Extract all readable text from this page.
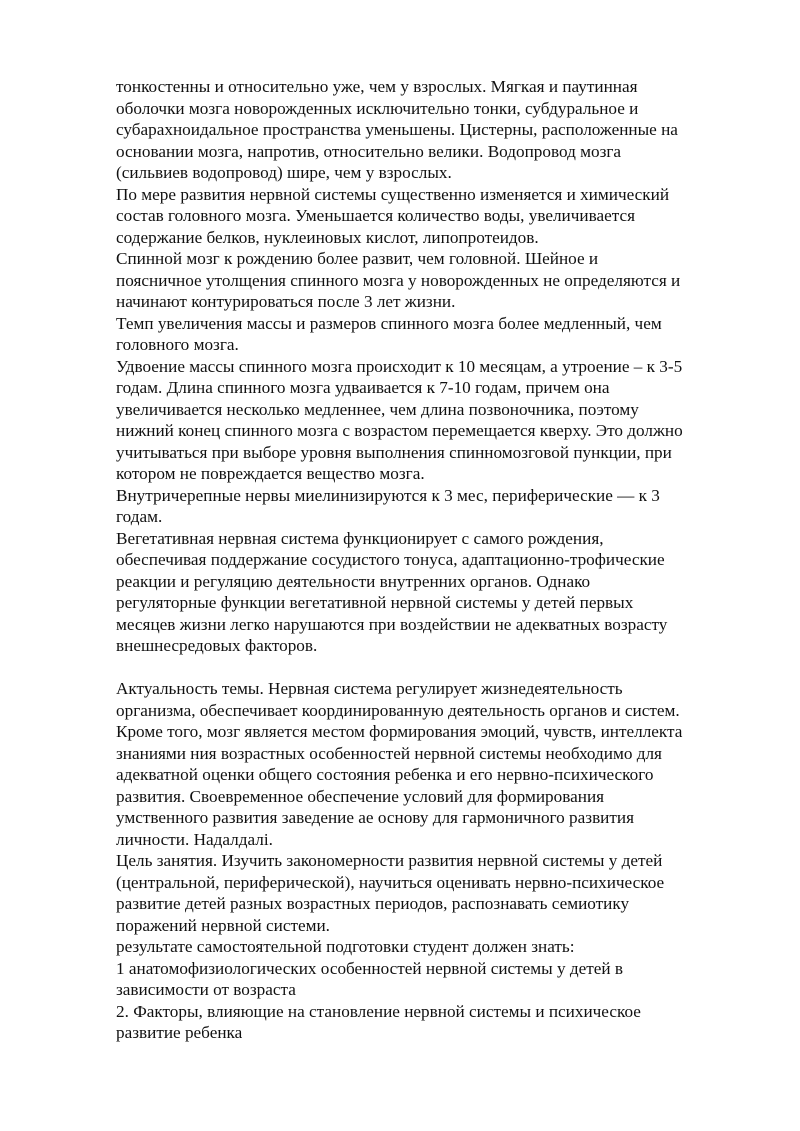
тонкостенны и относительно уже, чем у взрослых. Мягкая и паутинная
оболочки мозга новорожденных исключительно тонки, субдуральное и
субарахноидальное пространства уменьшены. Цистерны, расположенные на
основании мозга, напротив, относительно велики. Водопровод мозга
(сильвиев водопровод) шире, чем у взрослых.

По мере развития нервной системы существенно изменяется и химический
состав головного мозга. Уменьшается количество воды, увеличивается
содержание белков, нуклеиновых кислот, липопротеидов.

Спинной мозг к рождению более развит, чем головной. Шейное и
поясничное утолщения спинного мозга у новорожденных не определяются и
начинают контурироваться после 3 лет жизни.

Темп увеличения массы и размеров спинного мозга более медленный, чем
головного мозга.

Удвоение массы спинного мозга происходит к 10 месяцам, а утроение – к 3-5
годам. Длина спинного мозга удваивается к 7-10 годам, причем она
увеличивается несколько медленнее, чем длина позвоночника, поэтому
нижний конец спинного мозга с возрастом перемещается кверху. Это должно
учитываться при выборе уровня выполнения спинномозговой пункции, при
котором не повреждается вещество мозга.

Внутричерепные нервы миелинизируются к 3 мес, периферические — к 3
годам.

Вегетативная нервная система функционирует с самого рождения,
обеспечивая поддержание сосудистого тонуса, адаптационно-трофические
реакции и регуляцию деятельности внутренних органов. Однако
регуляторные функции вегетативной нервной системы у детей первых
месяцев жизни легко нарушаются при воздействии не адекватных возрасту
внешнесредовых факторов.

Актуальность темы. Нервная система регулирует жизнедеятельность
организма, обеспечивает координированную деятельность органов и систем.
Кроме того, мозг является местом формирования эмоций, чувств, интеллекта
знаниями ния возрастных особенностей нервной системы необходимо для
адекватной оценки общего состояния ребенка и его нервно-психического
развития. Своевременное обеспечение условий для формирования
умственного развития заведение ае основу для гармоничного развития
личности. Надалдалі.

Цель занятия. Изучить закономерности развития нервной системы у детей
(центральной, периферической), научиться оценивать нервно-психическое
развитие детей разных возрастных периодов, распознавать семиотику
поражений нервной системи.

результате самостоятельной подготовки студент должен знать:

1 анатомофизиологических особенностей нервной системы у детей в
зависимости от возраста

2. Факторы, влияющие на становление нервной системы и психическое
развитие ребенка
